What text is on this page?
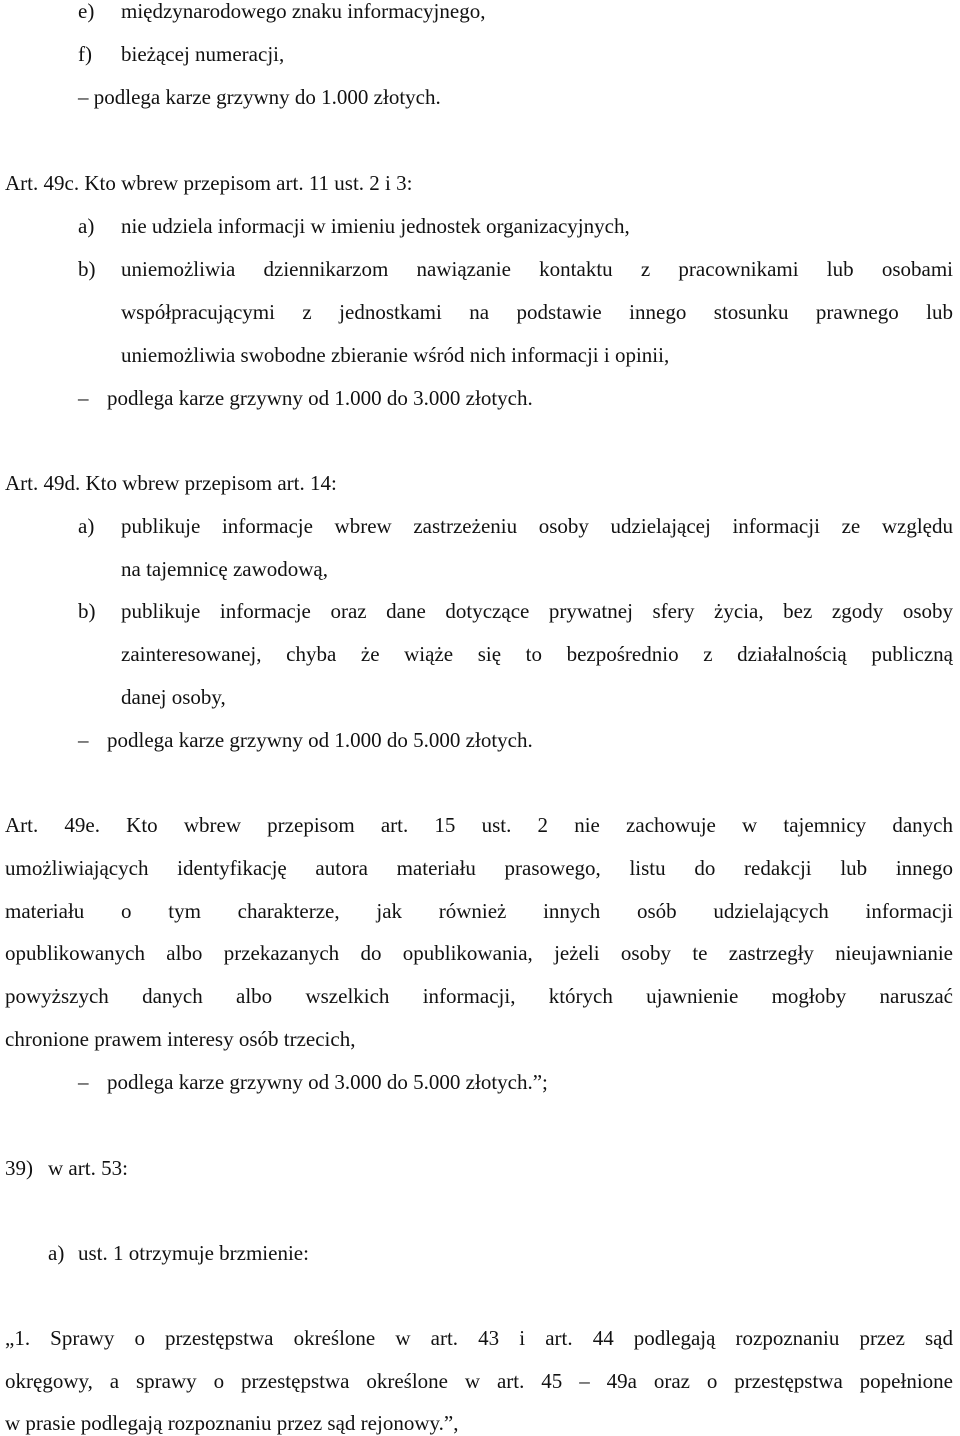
e) międzynarodowego znaku informacyjnego,
f) bieżącej numeracji,
– podlega karze grzywny do 1.000 złotych.
Art. 49c. Kto wbrew przepisom art. 11 ust. 2 i 3:
a) nie udziela informacji w imieniu jednostek organizacyjnych,
b) uniemożliwia dziennikarzom nawiązanie kontaktu z pracownikami lub osobami
współpracującymi z jednostkami na podstawie innego stosunku prawnego lub
uniemożliwia swobodne zbieranie wśród nich informacji i opinii,
– podlega karze grzywny od 1.000 do 3.000 złotych.
Art. 49d. Kto wbrew przepisom art. 14:
a) publikuje informacje wbrew zastrzeżeniu osoby udzielającej informacji ze względu
na tajemnicę zawodową,
b) publikuje informacje oraz dane dotyczące prywatnej sfery życia, bez zgody osoby
zainteresowanej, chyba że wiąże się to bezpośrednio z działalnością publiczną
danej osoby,
– podlega karze grzywny od 1.000 do 5.000 złotych.
Art. 49e. Kto wbrew przepisom art. 15 ust. 2 nie zachowuje w tajemnicy danych
umożliwiających identyfikację autora materiału prasowego, listu do redakcji lub innego
materiału o tym charakterze, jak również innych osób udzielających informacji
opublikowanych albo przekazanych do opublikowania, jeżeli osoby te zastrzegły nieujawnianie
powyższych danych albo wszelkich informacji, których ujawnienie mogłoby naruszać
chronione prawem interesy osób trzecich,
– podlega karze grzywny od 3.000 do 5.000 złotych.”;
39) w art. 53:
a) ust. 1 otrzymuje brzmienie:
„1. Sprawy o przestępstwa określone w art. 43 i art. 44 podlegają rozpoznaniu przez sąd
okręgowy, a sprawy o przestępstwa określone w art. 45 – 49a oraz o przestępstwa popełnione
w prasie podlegają rozpoznaniu przez sąd rejonowy.”,
